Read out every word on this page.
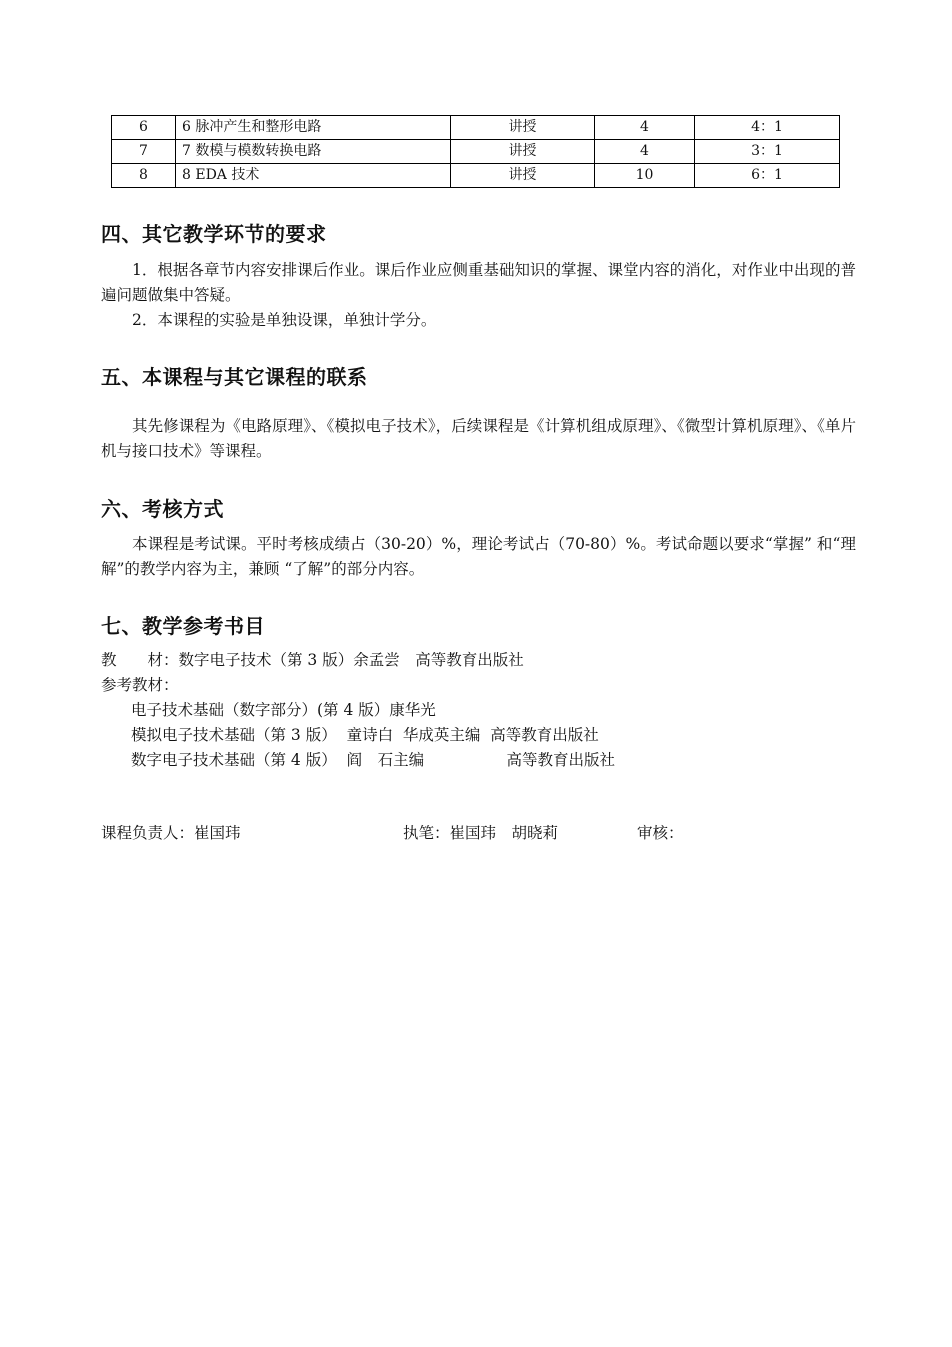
6	6 脉冲产生和整形电路	讲授	4	4：1
7	7 数模与模数转换电路	讲授	4	3：1
8	8 EDA 技术	讲授	10	6：1
四、其它教学环节的要求

1．根据各章节内容安排课后作业。课后作业应侧重基础知识的掌握、课堂内容的消化，对作业中出现的普遍问题做集中答疑。

2．本课程的实验是单独设课，单独计学分。

五、本课程与其它课程的联系

其先修课程为《电路原理》、《模拟电子技术》，后续课程是《计算机组成原理》、《微型计算机原理》、《单片机与接口技术》等课程。

六、考核方式

本课程是考试课。平时考核成绩占（30-20）%，理论考试占（70-80）%。考试命题以要求“掌握” 和“理解”的教学内容为主，兼顾 “了解”的部分内容。

七、教学参考书目

教　　材：数字电子技术（第 3 版）余孟尝　高等教育出版社

参考教材：

电子技术基础（数字部分）(第 4 版）康华光

模拟电子技术基础（第 3 版）  童诗白  华成英主编  高等教育出版社

数字电子技术基础（第 4 版）  阎　石主编　　　　　 高等教育出版社

课程负责人：崔国玮	执笔：崔国玮　胡晓莉	审核：
